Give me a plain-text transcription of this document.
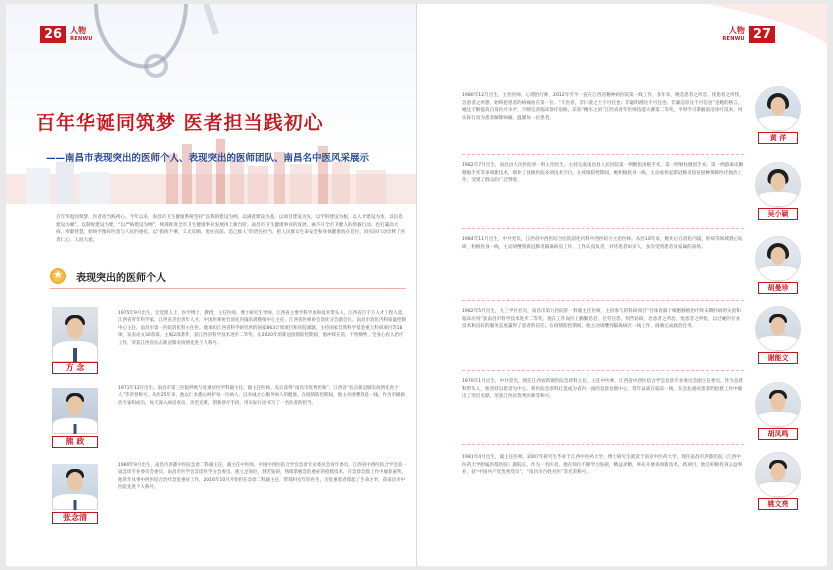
26	人物
RENWU
百年华诞同筑梦 医者担当践初心
——南昌市表现突出的医师个人、表现突出的医师团队、南昌名中医风采展示

百年华诞同筑梦，医者担当践初心。今年以来，南昌市卫生健康系统坚持“以我的建设为例，以满意建设为基，以项目建设为先，以学科建设为根，以人才建设为本，以信息建设为翼”，以制度建设为要，“以严格建设为纲”，统筹推进全市卫生健康事业发展再上新台阶。南昌市卫生健康事业的发展，离不开全市卫健人的勇毅行动，也打赢而大疫、奉献智慧，始终平衡好医患与人民的重托。以“指挥不乘、义无反顾、勇往直前、造己救人”的责任担当，把人民群众生命安全和身体健康放在首位，同实际行动诠释了医者仁心、人间大爱。

★
表现突出的医师个人
方 念

1975年9月出生，无党派人士，医学博士，教授，主任医师，博士研究生导师，江西省主要学科学术和技术带头人，江西省百千万人才工程人选，江西省青年科学家，江西省杰出青年人才，中国医师协会消化内镜培训暨推中心主任，江西省医师协会消化分会副会长。南昌市消化内科质量控制中心主任，南昌市第一医院消化科主任医。他承担江西省科学研究所的国家863计划项目和省院课题，主持国家自然科学基金重大科研项目等18项，发表论文30余篇，主编2部著作，获江西省科学技术进步二等奖。在2020年的新冠疫情防控期间，他冲锋在前，不怕牺牲，全身心投入治疗工作，荣获江西省抗击新冠肺炎疫情先进个人称号。

熊 政

1971年12月出生，南昌市第三医院呼吸与危重症医学科副主任，副主任医师。先后获得“南昌市优秀医师”、江西省“抗击新冠肺炎疫情先进个人”等荣誉称号，从医25年来，他以仁术悉心呵护每一位病人，以赤诚之心服务病人的健康。在疫情防控期间，他主动请缨奔赴一线，作为市级救治专家组成员，每天深入病房查房，攻坚克难，创新诊疗手段，用实际行动书写了一名医者的担当。

张念清

1980年9月出生，南昌市洪都中医院急诊二科副主任，副主任中医师。中国中西医结合学会急诊专业委员会青年委员，江西省中西医结合学会第一届急诊专业委员会委员，南昌市医学会急诊医学分会委员。他立足岗位，刻苦钻研，熟练掌握急危重症的抢救技术，在急诊急救工作中屡获嘉奖。他常年从事中西医结合治疗急危重症工作，2016年10月开始担任急诊二科副主任，带领科室年轻医生，为危重患者撑起了生命之伞，获南昌市中医院先进个人称号。

人物
RENWU 27

1980年12月出生，主治医师，心理治疗师，2012年至今一直在江西省精神病医院第一线工作，多年来，她急患者之所急，忧患者之所忧，急患者之所想，始终把患者的病痛放在第一位。“天医者，非仁爱之士不可托也；非聪明理达不可任也；非廉洁淳良不可信也”是她的格言。她还不断提高自身医疗水平，不断完善临床诊疗思路，荣获“精水之滨”江西省青年医师技能大赛第二等奖，平时学习掌握前沿诊疗技术，用实际行动为患者解除病痛，温暖每一位患者。

黄 洋

1982年7月出生，南昌县人民医院骨一科主治医生。主持完成南昌县人民医院第一例断指再植手术，第一例脊柱微创手术，第一例游离皮瓣移植手术等多项新技术，填补了县级医院多项技术空白。在疫情防控期间，她积极投身一线，主动承担起新冠肺炎疫苗接种保障医疗救治工作，受到了群众的广泛赞誉。

吴小颖

1984年11月出生，中共党员，江西省中西医结合医院消化内科中西医结合主治医师。从医10年来，她先后在消化内镜、肝病等领域潜心钻研，积极投身一线，主动请缨到新冠肺炎隔离病房工作，工作认真负责，对待患者如亲人，多次受到患者及家属的表扬。

胡曼珍

1982年5月出生，九三学社社员，南昌市第九医院肝一科副主任医师，主持参与的科研项目“目体育器干细胞移植治疗终末期肝病的实验和临床应用”获南昌市科学技术进步二等奖。他在工作岗位上勤勤恳恳，任劳任怨，刻苦钻研，急患者之所急，忧患者之所忧，以过硬的专业技术和良好的服务态度赢得了患者的信任。在疫情防控期间，他主动请缨到隔离病区一线工作，圆满完成救治任务。

谢能文

1970年1月出生，中共党员，现任江西省新钢医院急诊科主任，主任中医师，江西省中西医结合学会急诊专业委员会副主任委员。作为急诊科带头人，他坚持以患者为中心，将医院急诊科打造成为省内一流的急诊急救中心，常年奋战在临床一线，在急危重症患者的抢救工作中做出了突出贡献，荣获江西省优秀医师等称号。

胡凤鸣

1981年4月出生，副主任医师，2007年研究生毕业于江西中医药大学，博士研究生就读于南京中医药大学，现任南昌市洪都医院（江西中医药大学附属洪都医院）副院长。作为一名医者，他在岗位不断学习钻研，精益求精，率先开展多项新技术、新项目。他还积极投身公益事业，获“中国共产党优秀党员”、“南昌市百姓名医”等光荣称号。

姚文亮
